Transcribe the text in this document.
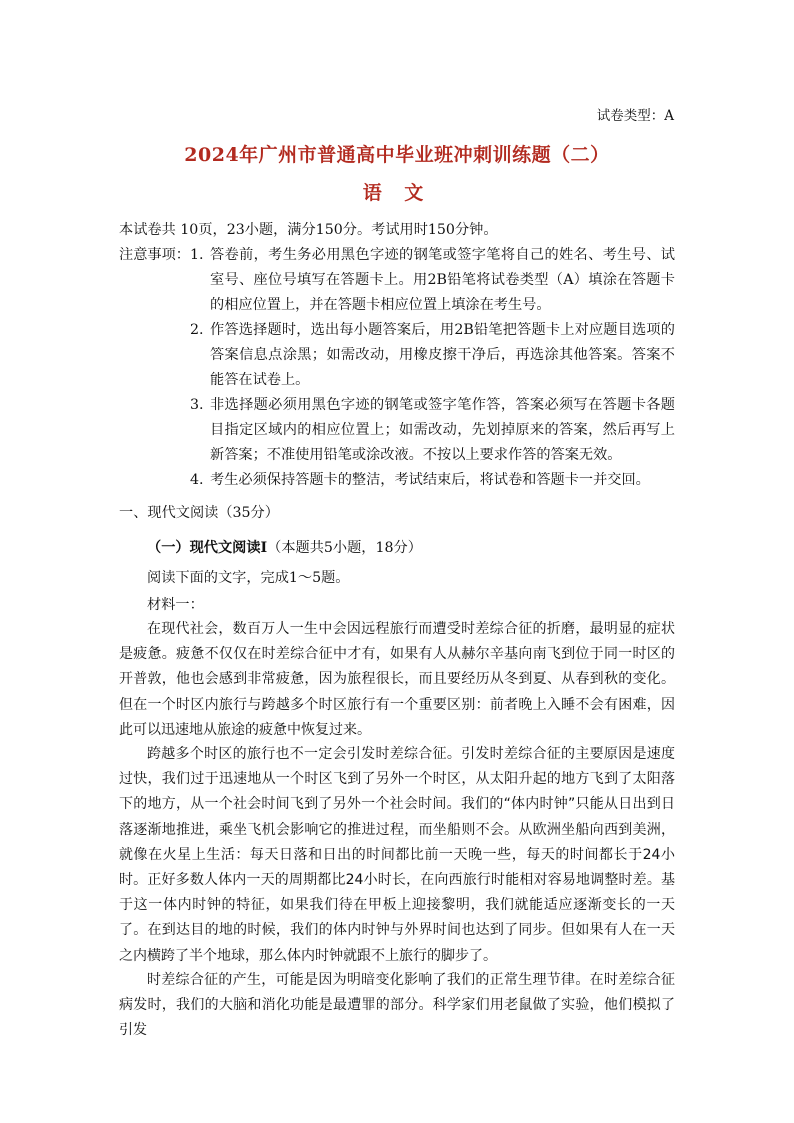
试卷类型：A
2024年广州市普通高中毕业班冲刺训练题（二）
语 文
本试卷共 10页，23小题，满分150分。考试用时150分钟。
注意事项： 1. 答卷前，考生务必用黑色字迹的钢笔或签字笔将自己的姓名、考生号、试室号、座位号填写在答题卡上。用2B铅笔将试卷类型（A）填涂在答题卡的相应位置上，并在答题卡相应位置上填涂在考生号。
2. 作答选择题时，选出每小题答案后，用2B铅笔把答题卡上对应题目选项的答案信息点涂黑；如需改动，用橡皮擦干净后，再选涂其他答案。答案不能答在试卷上。
3. 非选择题必须用黑色字迹的钢笔或签字笔作答，答案必须写在答题卡各题目指定区域内的相应位置上；如需改动，先划掉原来的答案，然后再写上新答案；不准使用铅笔或涂改液。不按以上要求作答的答案无效。
4. 考生必须保持答题卡的整洁，考试结束后，将试卷和答题卡一并交回。
一、现代文阅读（35分）
（一）现代文阅读Ⅰ（本题共5小题，18分）
阅读下面的文字，完成1～5题。
材料一：
在现代社会，数百万人一生中会因远程旅行而遭受时差综合征的折磨，最明显的症状是疲惫。疲惫不仅仅在时差综合征中才有，如果有人从赫尔辛基向南飞到位于同一时区的开普敦，他也会感到非常疲惫，因为旅程很长，而且要经历从冬到夏、从春到秋的变化。但在一个时区内旅行与跨越多个时区旅行有一个重要区别：前者晚上入睡不会有困难，因此可以迅速地从旅途的疲惫中恢复过来。
跨越多个时区的旅行也不一定会引发时差综合征。引发时差综合征的主要原因是速度过快，我们过于迅速地从一个时区飞到了另外一个时区，从太阳升起的地方飞到了太阳落下的地方，从一个社会时间飞到了另外一个社会时间。我们的“体内时钟”只能从日出到日落逐渐地推进，乘坐飞机会影响它的推进过程，而坐船则不会。从欧洲坐船向西到美洲，就像在火星上生活：每天日落和日出的时间都比前一天晚一些，每天的时间都长于24小时。正好多数人体内一天的周期都比24小时长，在向西旅行时能相对容易地调整时差。基于这一体内时钟的特征，如果我们待在甲板上迎接黎明，我们就能适应逐渐变长的一天了。在到达目的地的时候，我们的体内时钟与外界时间也达到了同步。但如果有人在一天之内横跨了半个地球，那么体内时钟就跟不上旅行的脚步了。
时差综合征的产生，可能是因为明暗变化影响了我们的正常生理节律。在时差综合征病发时，我们的大脑和消化功能是最遭罪的部分。科学家们用老鼠做了实验，他们模拟了引发
